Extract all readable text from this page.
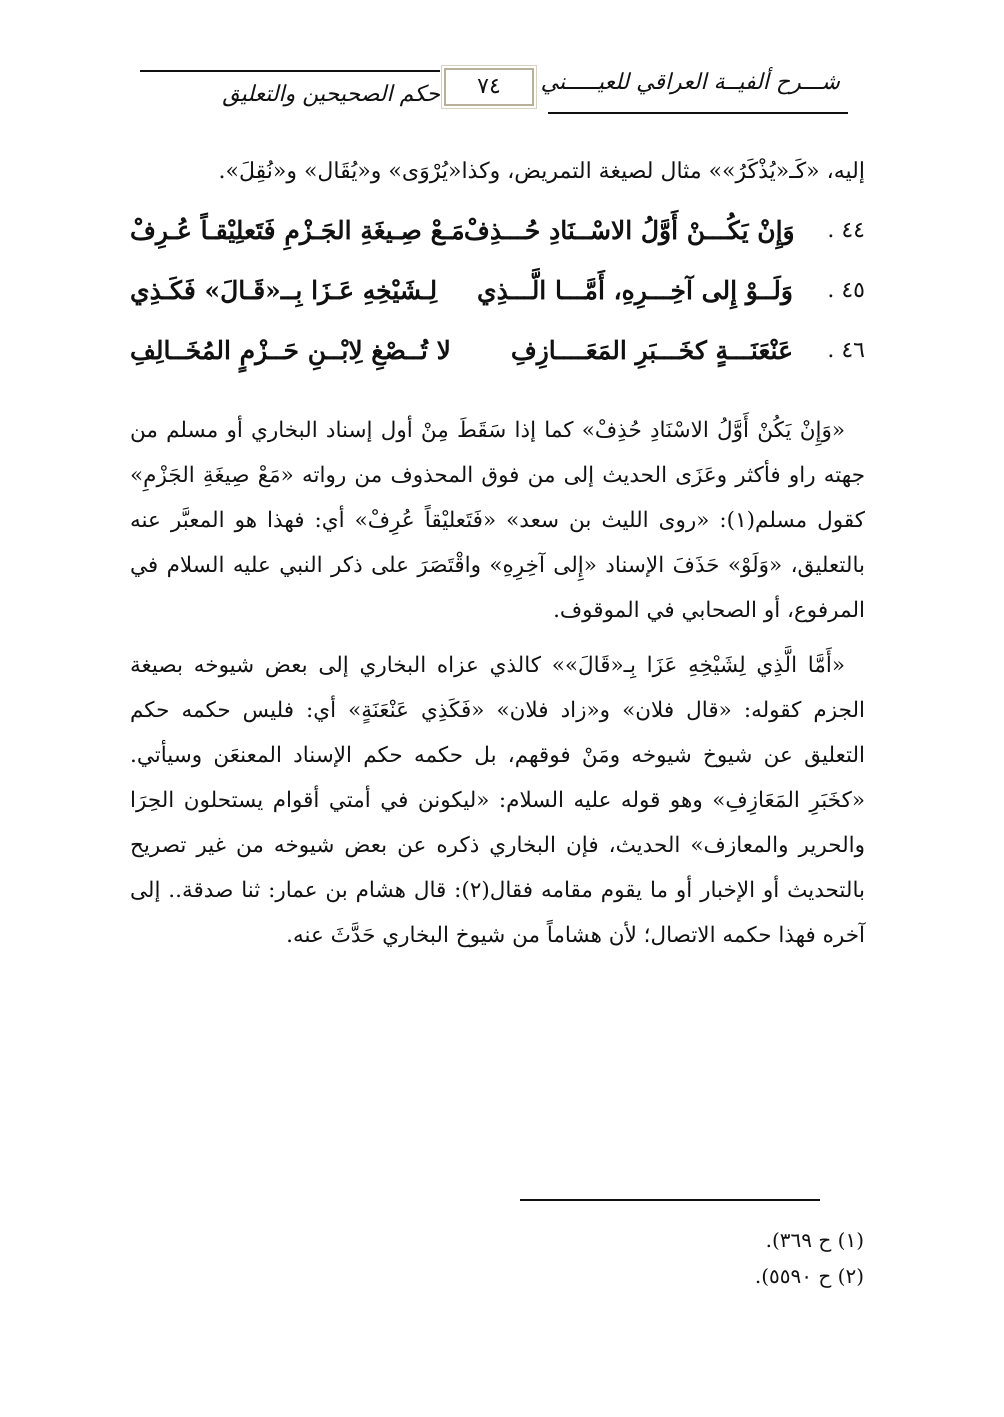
شـــرح ألفيــة العراقي للعيـــــني
٧٤
حكم الصحيحين والتعليق

إليه، «كَـ«يُذْكَرُ»» مثال لصيغة التمريض، وكذا«يُرْوَى» و«يُقَال» و«نُقِلَ».

٤٤ .
وَإِنْ يَكُـــنْ أَوَّلُ الاسْــنَادِ حُـــذِفْ
مَـعْ صِـيغَةِ الجَـزْمِ فَتَعلِيْقـاً عُـرِفْ
٤٥ .
وَلَــوْ إِلى آخِـــرِهِ، أَمَّـــا الَّـــذِي
لِـشَيْخِهِ عَـزَا بِــ«قَـالَ» فَكَـذِي
٤٦ .
عَنْعَنَـــةٍ كخَـــبَرِ المَعَــــازِفِ
لا تُــصْغِ لِابْــنِ حَــزْمٍ المُخَــالِفِ

«وَإِنْ يَكُنْ أَوَّلُ الاسْنَادِ حُذِفْ» كما إذا سَقَطَ مِنْ أول إسناد البخاري أو مسلم من جهته راو فأكثر وعَزَى الحديث إلى من فوق المحذوف من رواته «مَعْ صِيغَةِ الجَزْمِ» كقول مسلم(١): «روى الليث بن سعد» «فَتَعليْقاً عُرِفْ» أي: فهذا هو المعبَّر عنه بالتعليق، «وَلَوْ» حَذَفَ الإسناد «إِلى آخِرِهِ» واقْتَصَرَ على ذكر النبي عليه السلام في المرفوع، أو الصحابي في الموقوف.

«أَمَّا الَّذِي لِشَيْخِهِ عَزَا بِـ«قَالَ»» كالذي عزاه البخاري إلى بعض شيوخه بصيغة الجزم كقوله: «قال فلان» و«زاد فلان» «فَكَذِي عَنْعَنَةٍ» أي: فليس حكمه حكم التعليق عن شيوخ شيوخه ومَنْ فوقهم، بل حكمه حكم الإسناد المعنعَن وسيأتي. «كخَبَرِ المَعَازِفِ» وهو قوله عليه السلام: «ليكونن في أمتي أقوام يستحلون الحِرَا والحرير والمعازف» الحديث، فإن البخاري ذكره عن بعض شيوخه من غير تصريح بالتحديث أو الإخبار أو ما يقوم مقامه فقال(٢): قال هشام بن عمار: ثنا صدقة.. إلى آخره فهذا حكمه الاتصال؛ لأن هشاماً من شيوخ البخاري حَدَّثَ عنه.

(١) ح ٣٦٩).
(٢) ح ٥٥٩٠).
